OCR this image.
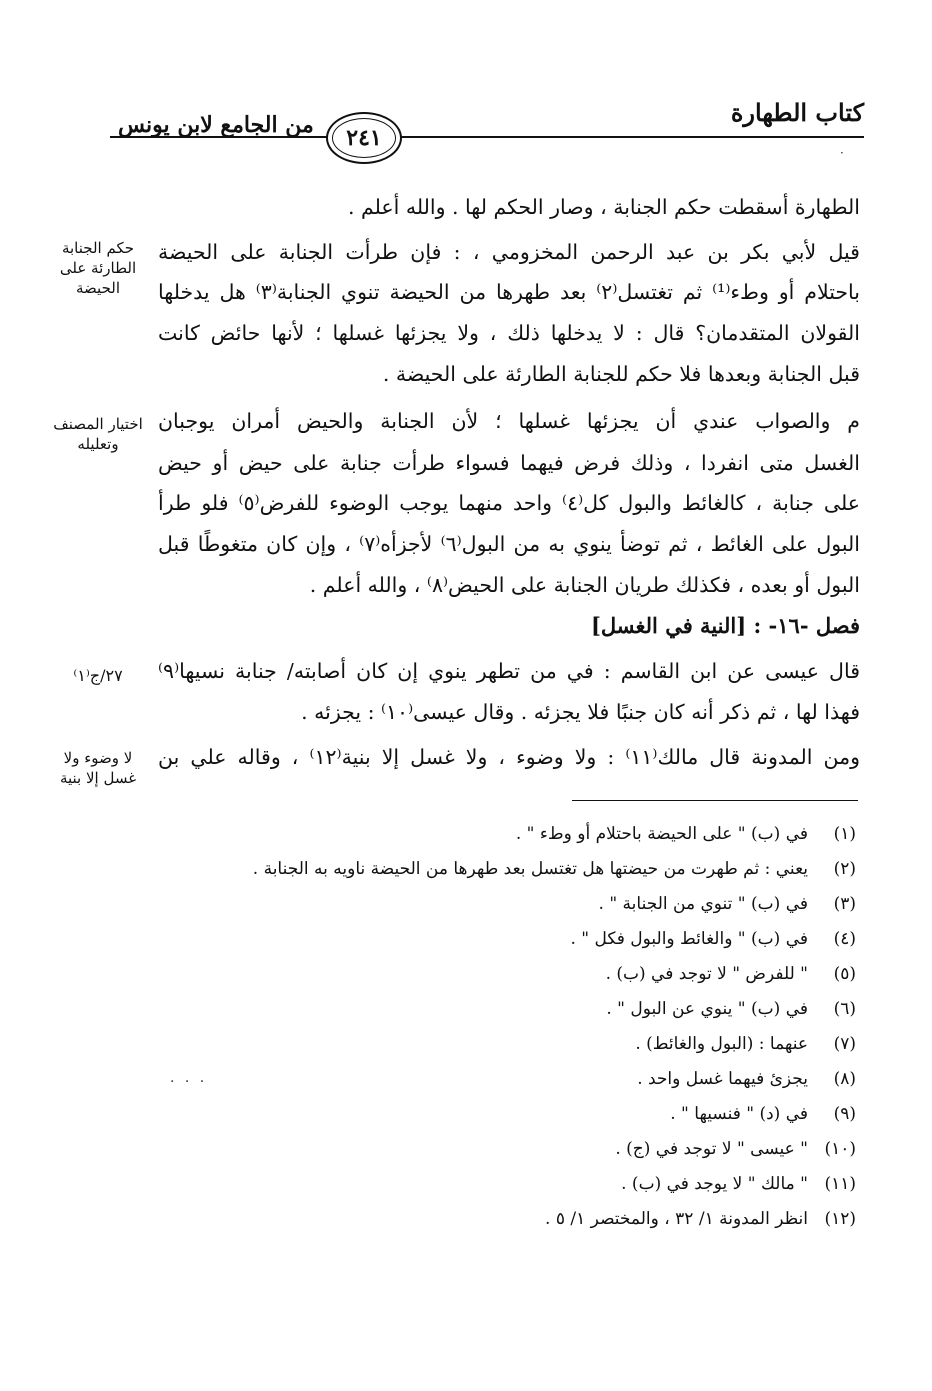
كتاب الطهارة
٢٤١
من الجامع لابن يونس
·
الطهارة أسقطت حكم الجنابة ، وصار الحكم لها . والله أعلم .
قيل لأبي بكر بن عبد الرحمن المخزومي ، : فإن طرأت الجنابة على الحيضة
باحتلام أو وطء⁽¹⁾ ثم تغتسل⁽٢⁾ بعد طهرها من الحيضة تنوي الجنابة⁽٣⁾ هل يدخلها
القولان المتقدمان؟ قال : لا يدخلها ذلك ، ولا يجزئها غسلها ؛ لأنها حائض كانت
قبل الجنابة وبعدها فلا حكم للجنابة الطارئة على الحيضة .
م والصواب عندي أن يجزئها غسلها ؛ لأن الجنابة والحيض أمران يوجبان
الغسل متى انفردا ، وذلك فرض فيهما فسواء طرأت جنابة على حيض أو حيض
على جنابة ، كالغائط والبول كل⁽٤⁾ واحد منهما يوجب الوضوء للفرض⁽٥⁾ فلو طرأ
البول على الغائط ، ثم توضأ ينوي به من البول⁽٦⁾ لأجزأه⁽٧⁾ ، وإن كان متغوطًا قبل
البول أو بعده ، فكذلك طريان الجنابة على الحيض⁽٨⁾ ، والله أعلم .
فصل -١٦- : [النية في الغسل]
قال عيسى عن ابن القاسم : في من تطهر ينوي إن كان أصابته/ جنابة نسيها⁽٩⁾
فهذا لها ، ثم ذكر أنه كان جنبًا فلا يجزئه . وقال عيسى⁽١٠⁾ : يجزئه .
ومن المدونة قال مالك⁽١١⁾ : ولا وضوء ، ولا غسل إلا بنية⁽١٢⁾ ، وقاله علي بن
حكم الجنابة الطارئة على الحيضة
اختيار المصنف وتعليله
٢٧/ج⁽١⁾
لا وضوء ولا غسل إلا بنية
(١)في (ب) " على الحيضة باحتلام أو وطء " .
(٢)يعني : ثم طهرت من حيضتها هل تغتسل بعد طهرها من الحيضة ناويه به الجنابة .
(٣)في (ب) " تنوي من الجنابة " .
(٤)في (ب) " والغائط والبول فكل " .
(٥)" للفرض " لا توجد في (ب) .
(٦)في (ب) " ينوي عن البول " .
(٧)عنهما : (البول والغائط) .
(٨)يجزئ فيهما غسل واحد .
(٩)في (د) " فنسيها " .
(١٠)" عيسى " لا توجد في (ج) .
(١١)" مالك " لا يوجد في (ب) .
(١٢)انظر المدونة ١/ ٣٢ ، والمختصر ١/ ٥ .
· · ·
